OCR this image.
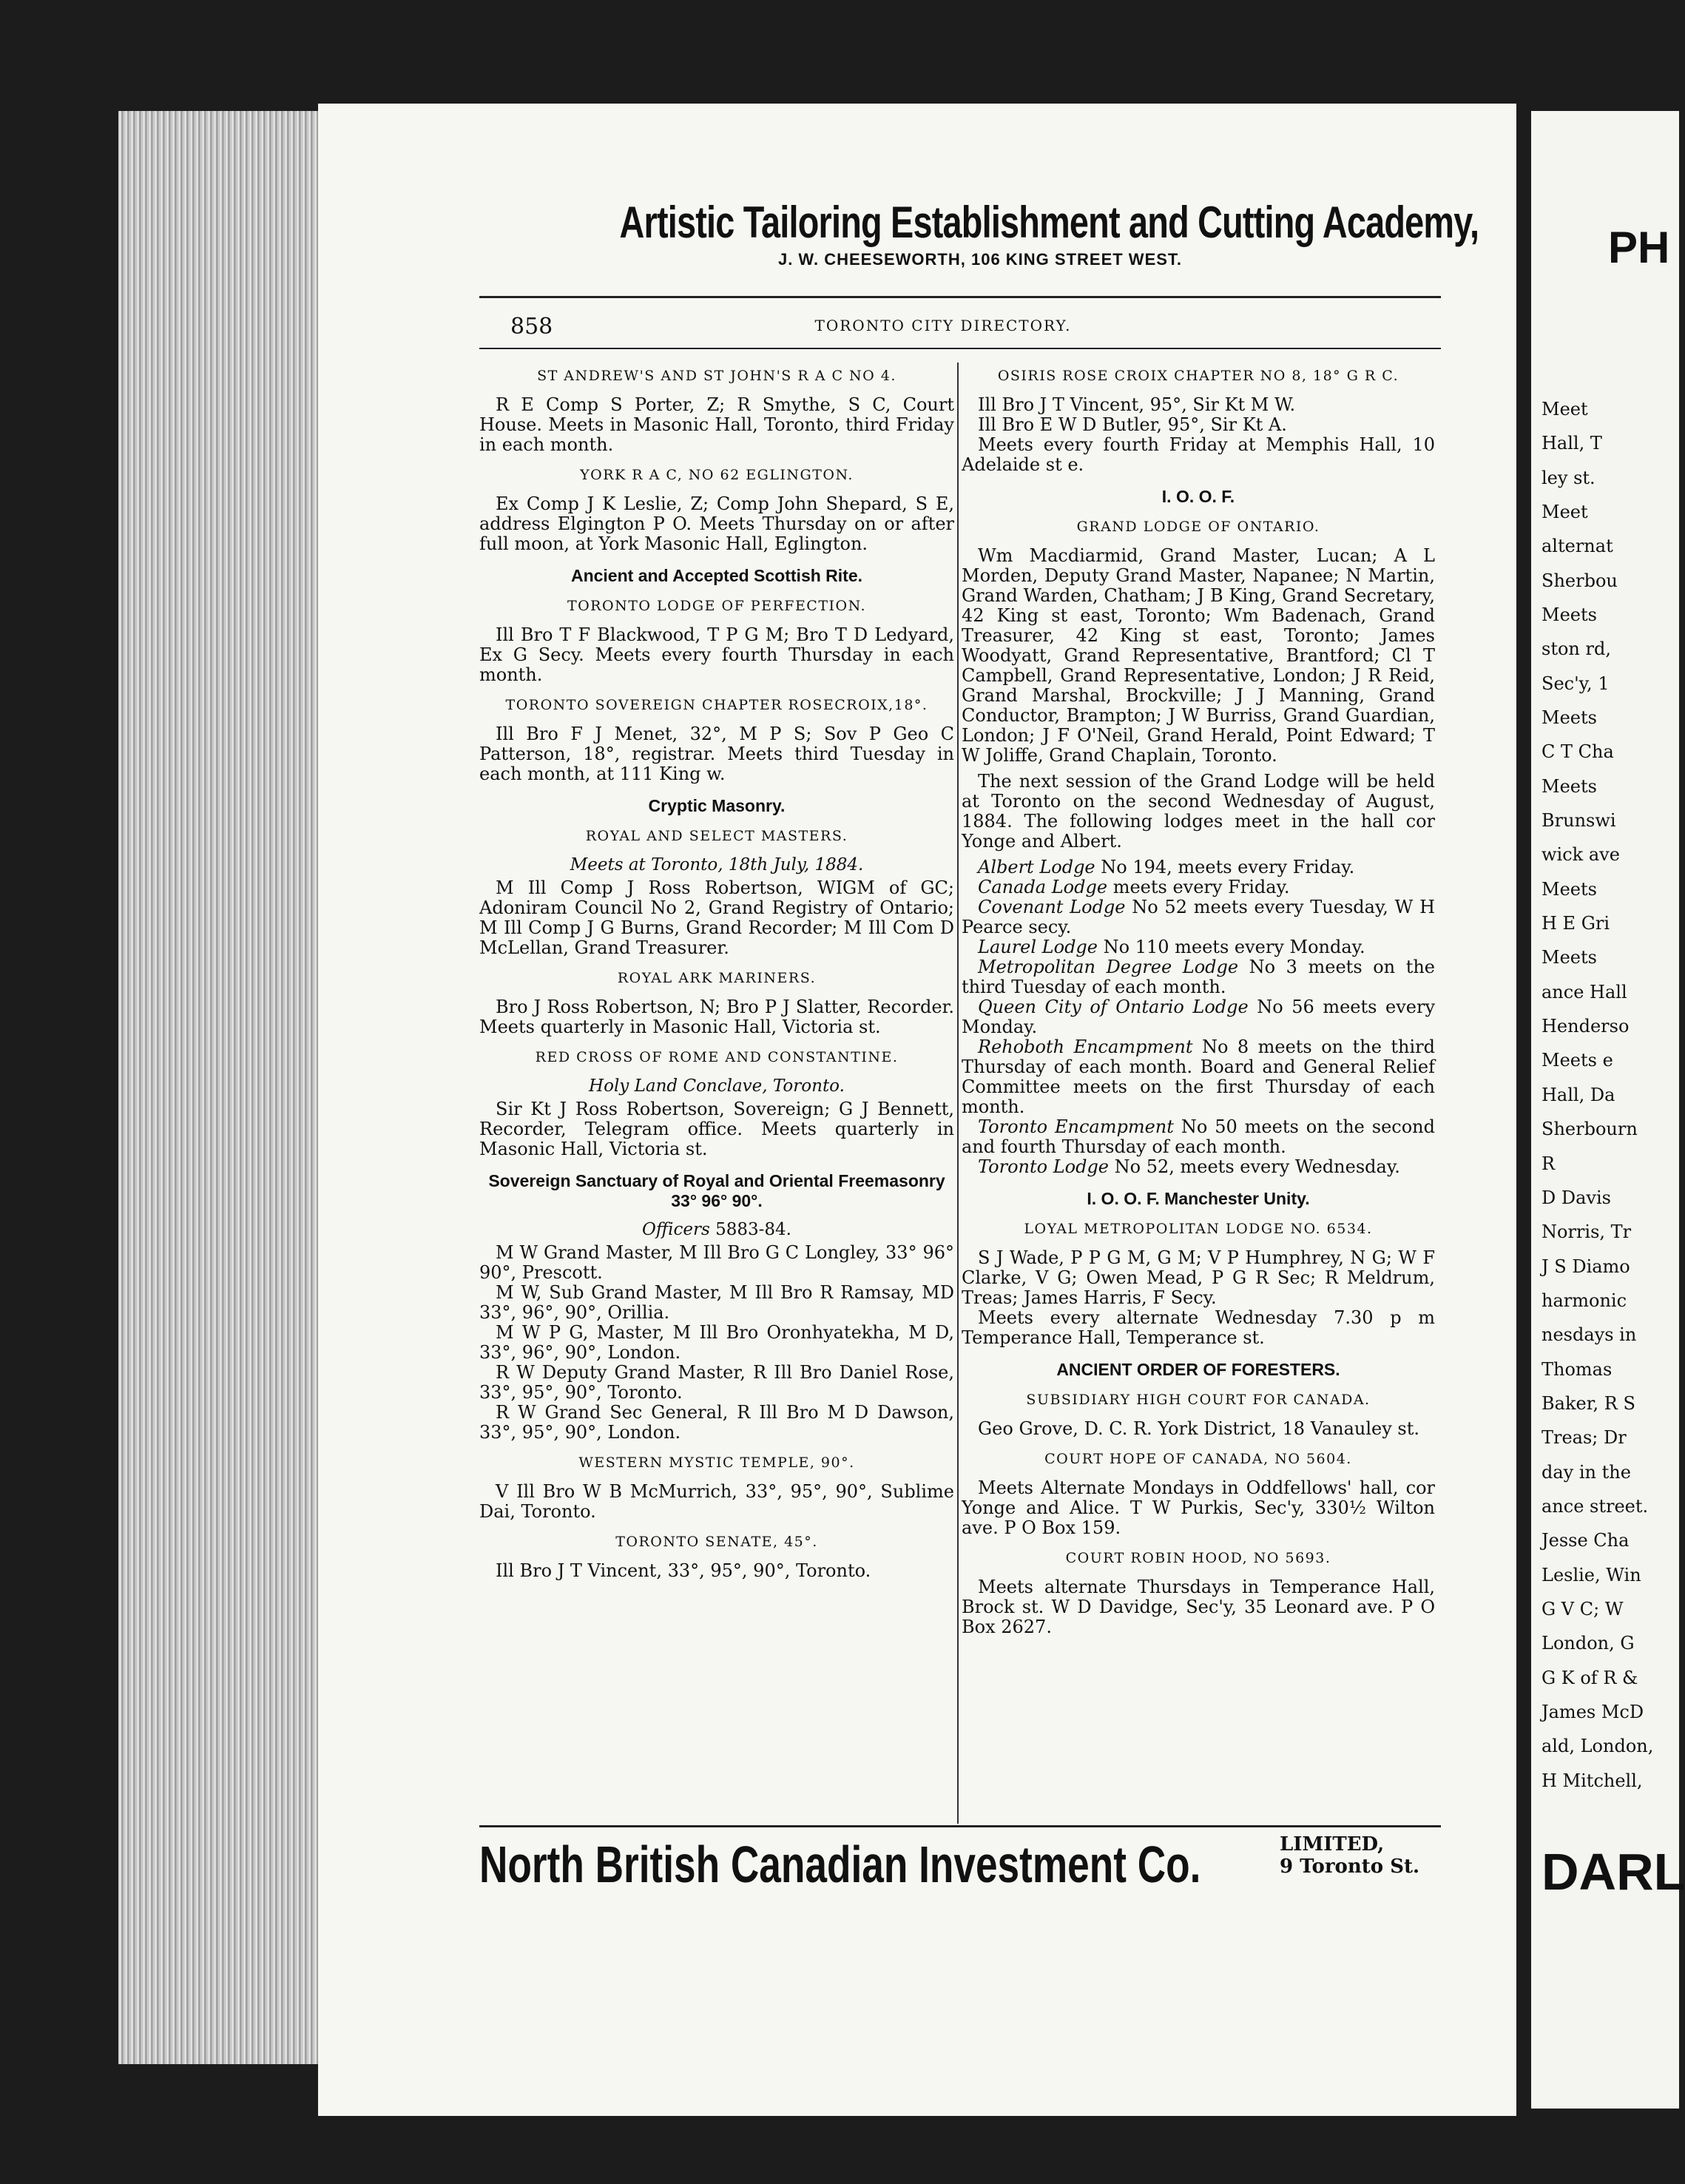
PH
Meet
Hall, T
ley st.
Meet
alternat
Sherbou
Meets
ston rd,
Sec'y, 1
Meets
C T Cha
Meets
Brunswi
wick ave
Meets
H E Gri
Meets
ance Hall
Henderso
Meets e
Hall, Da
Sherbourn
R
D Davis
Norris, Tr
J S Diamo
harmonic
nesdays in
Thomas
Baker, R S
Treas; Dr
day in the
ance street.
Jesse Cha
Leslie, Win
G V C; W
London, G
G K of R &
James McD
ald, London,
H Mitchell,
DARL
Artistic Tailoring Establishment and Cutting Academy,
J. W. CHEESEWORTH, 106 KING STREET WEST.
858	TORONTO CITY DIRECTORY.
ST ANDREW'S AND ST JOHN'S R A C NO 4.

R E Comp S Porter, Z; R Smythe, S C, Court House. Meets in Masonic Hall, Toronto, third Friday in each month.

YORK R A C, NO 62 EGLINGTON.

Ex Comp J K Leslie, Z; Comp John Shepard, S E, address Elgington P O. Meets Thursday on or after full moon, at York Masonic Hall, Eglington.

Ancient and Accepted Scottish Rite.
TORONTO LODGE OF PERFECTION.

Ill Bro T F Blackwood, T P G M; Bro T D Ledyard, Ex G Secy. Meets every fourth Thursday in each month.

TORONTO SOVEREIGN CHAPTER ROSECROIX,18°.

Ill Bro F J Menet, 32°, M P S; Sov P Geo C Patterson, 18°, registrar. Meets third Tuesday in each month, at 111 King w.

Cryptic Masonry.
ROYAL AND SELECT MASTERS.
Meets at Toronto, 18th July, 1884.

M Ill Comp J Ross Robertson, WIGM of GC; Adoniram Council No 2, Grand Registry of Ontario; M Ill Comp J G Burns, Grand Recorder; M Ill Com D McLellan, Grand Treasurer.

ROYAL ARK MARINERS.

Bro J Ross Robertson, N; Bro P J Slatter, Recorder. Meets quarterly in Masonic Hall, Victoria st.

RED CROSS OF ROME AND CONSTANTINE.
Holy Land Conclave, Toronto.

Sir Kt J Ross Robertson, Sovereign; G J Bennett, Recorder, Telegram office. Meets quarterly in Masonic Hall, Victoria st.

Sovereign Sanctuary of Royal and Oriental Freemasonry 33° 96° 90°.
Officers 5883-84.

M W Grand Master, M Ill Bro G C Longley, 33° 96° 90°, Prescott.

M W, Sub Grand Master, M Ill Bro R Ramsay, MD 33°, 96°, 90°, Orillia.

M W P G, Master, M Ill Bro Oronhyatekha, M D, 33°, 96°, 90°, London.

R W Deputy Grand Master, R Ill Bro Daniel Rose, 33°, 95°, 90°, Toronto.

R W Grand Sec General, R Ill Bro M D Dawson, 33°, 95°, 90°, London.

WESTERN MYSTIC TEMPLE, 90°.

V Ill Bro W B McMurrich, 33°, 95°, 90°, Sublime Dai, Toronto.

TORONTO SENATE, 45°.

Ill Bro J T Vincent, 33°, 95°, 90°, Toronto.

OSIRIS ROSE CROIX CHAPTER NO 8, 18° G R C.

Ill Bro J T Vincent, 95°, Sir Kt M W.

Ill Bro E W D Butler, 95°, Sir Kt A.

Meets every fourth Friday at Memphis Hall, 10 Adelaide st e.

I. O. O. F.
GRAND LODGE OF ONTARIO.

Wm Macdiarmid, Grand Master, Lucan; A L Morden, Deputy Grand Master, Napanee; N Martin, Grand Warden, Chatham; J B King, Grand Secretary, 42 King st east, Toronto; Wm Badenach, Grand Treasurer, 42 King st east, Toronto; James Woodyatt, Grand Representative, Brantford; Cl T Campbell, Grand Representative, London; J R Reid, Grand Marshal, Brockville; J J Manning, Grand Conductor, Brampton; J W Burriss, Grand Guardian, London; J F O'Neil, Grand Herald, Point Edward; T W Joliffe, Grand Chaplain, Toronto.

The next session of the Grand Lodge will be held at Toronto on the second Wednesday of August, 1884. The following lodges meet in the hall cor Yonge and Albert.

Albert Lodge No 194, meets every Friday.

Canada Lodge meets every Friday.

Covenant Lodge No 52 meets every Tuesday, W H Pearce secy.

Laurel Lodge No 110 meets every Monday.

Metropolitan Degree Lodge No 3 meets on the third Tuesday of each month.

Queen City of Ontario Lodge No 56 meets every Monday.

Rehoboth Encampment No 8 meets on the third Thursday of each month. Board and General Relief Committee meets on the first Thursday of each month.

Toronto Encampment No 50 meets on the second and fourth Thursday of each month.

Toronto Lodge No 52, meets every Wednesday.

I. O. O. F. Manchester Unity.
LOYAL METROPOLITAN LODGE NO. 6534.

S J Wade, P P G M, G M; V P Humphrey, N G; W F Clarke, V G; Owen Mead, P G R Sec; R Meldrum, Treas; James Harris, F Secy.

Meets every alternate Wednesday 7.30 p m Temperance Hall, Temperance st.

ANCIENT ORDER OF FORESTERS.
SUBSIDIARY HIGH COURT FOR CANADA.

Geo Grove, D. C. R. York District, 18 Vanauley st.

COURT HOPE OF CANADA, NO 5604.

Meets Alternate Mondays in Oddfellows' hall, cor Yonge and Alice. T W Purkis, Sec'y, 330½ Wilton ave. P O Box 159.

COURT ROBIN HOOD, NO 5693.

Meets alternate Thursdays in Temperance Hall, Brock st. W D Davidge, Sec'y, 35 Leonard ave. P O Box 2627.

North British Canadian Investment Co.	LIMITED,
9 Toronto St.
